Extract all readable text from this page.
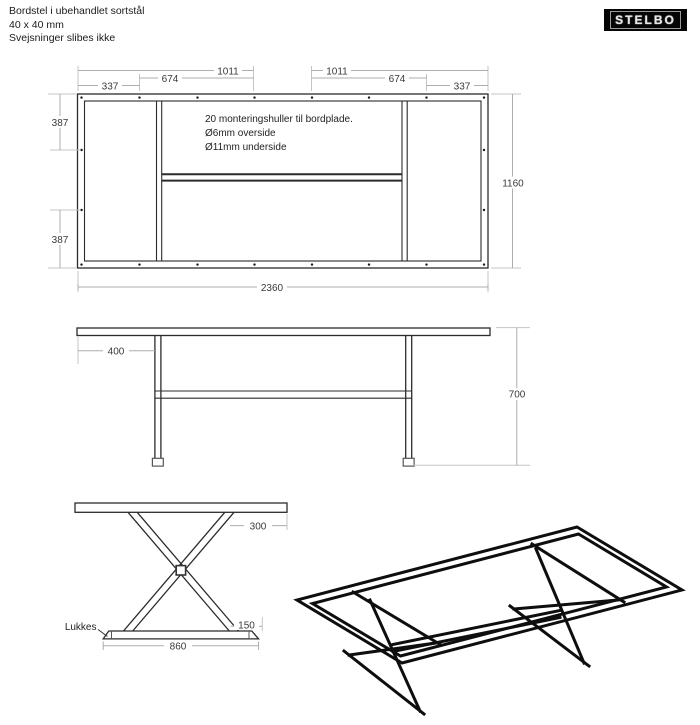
Bordstel i ubehandlet sortstål
40 x 40 mm
Svejsninger slibes ikke
STELBO
1011	1011
674	674
337	337
387
387
1160
2360
20 monteringshuller til bordplade.
Ø6mm overside
Ø11mm underside
400
700
300
150
860
Lukkes
